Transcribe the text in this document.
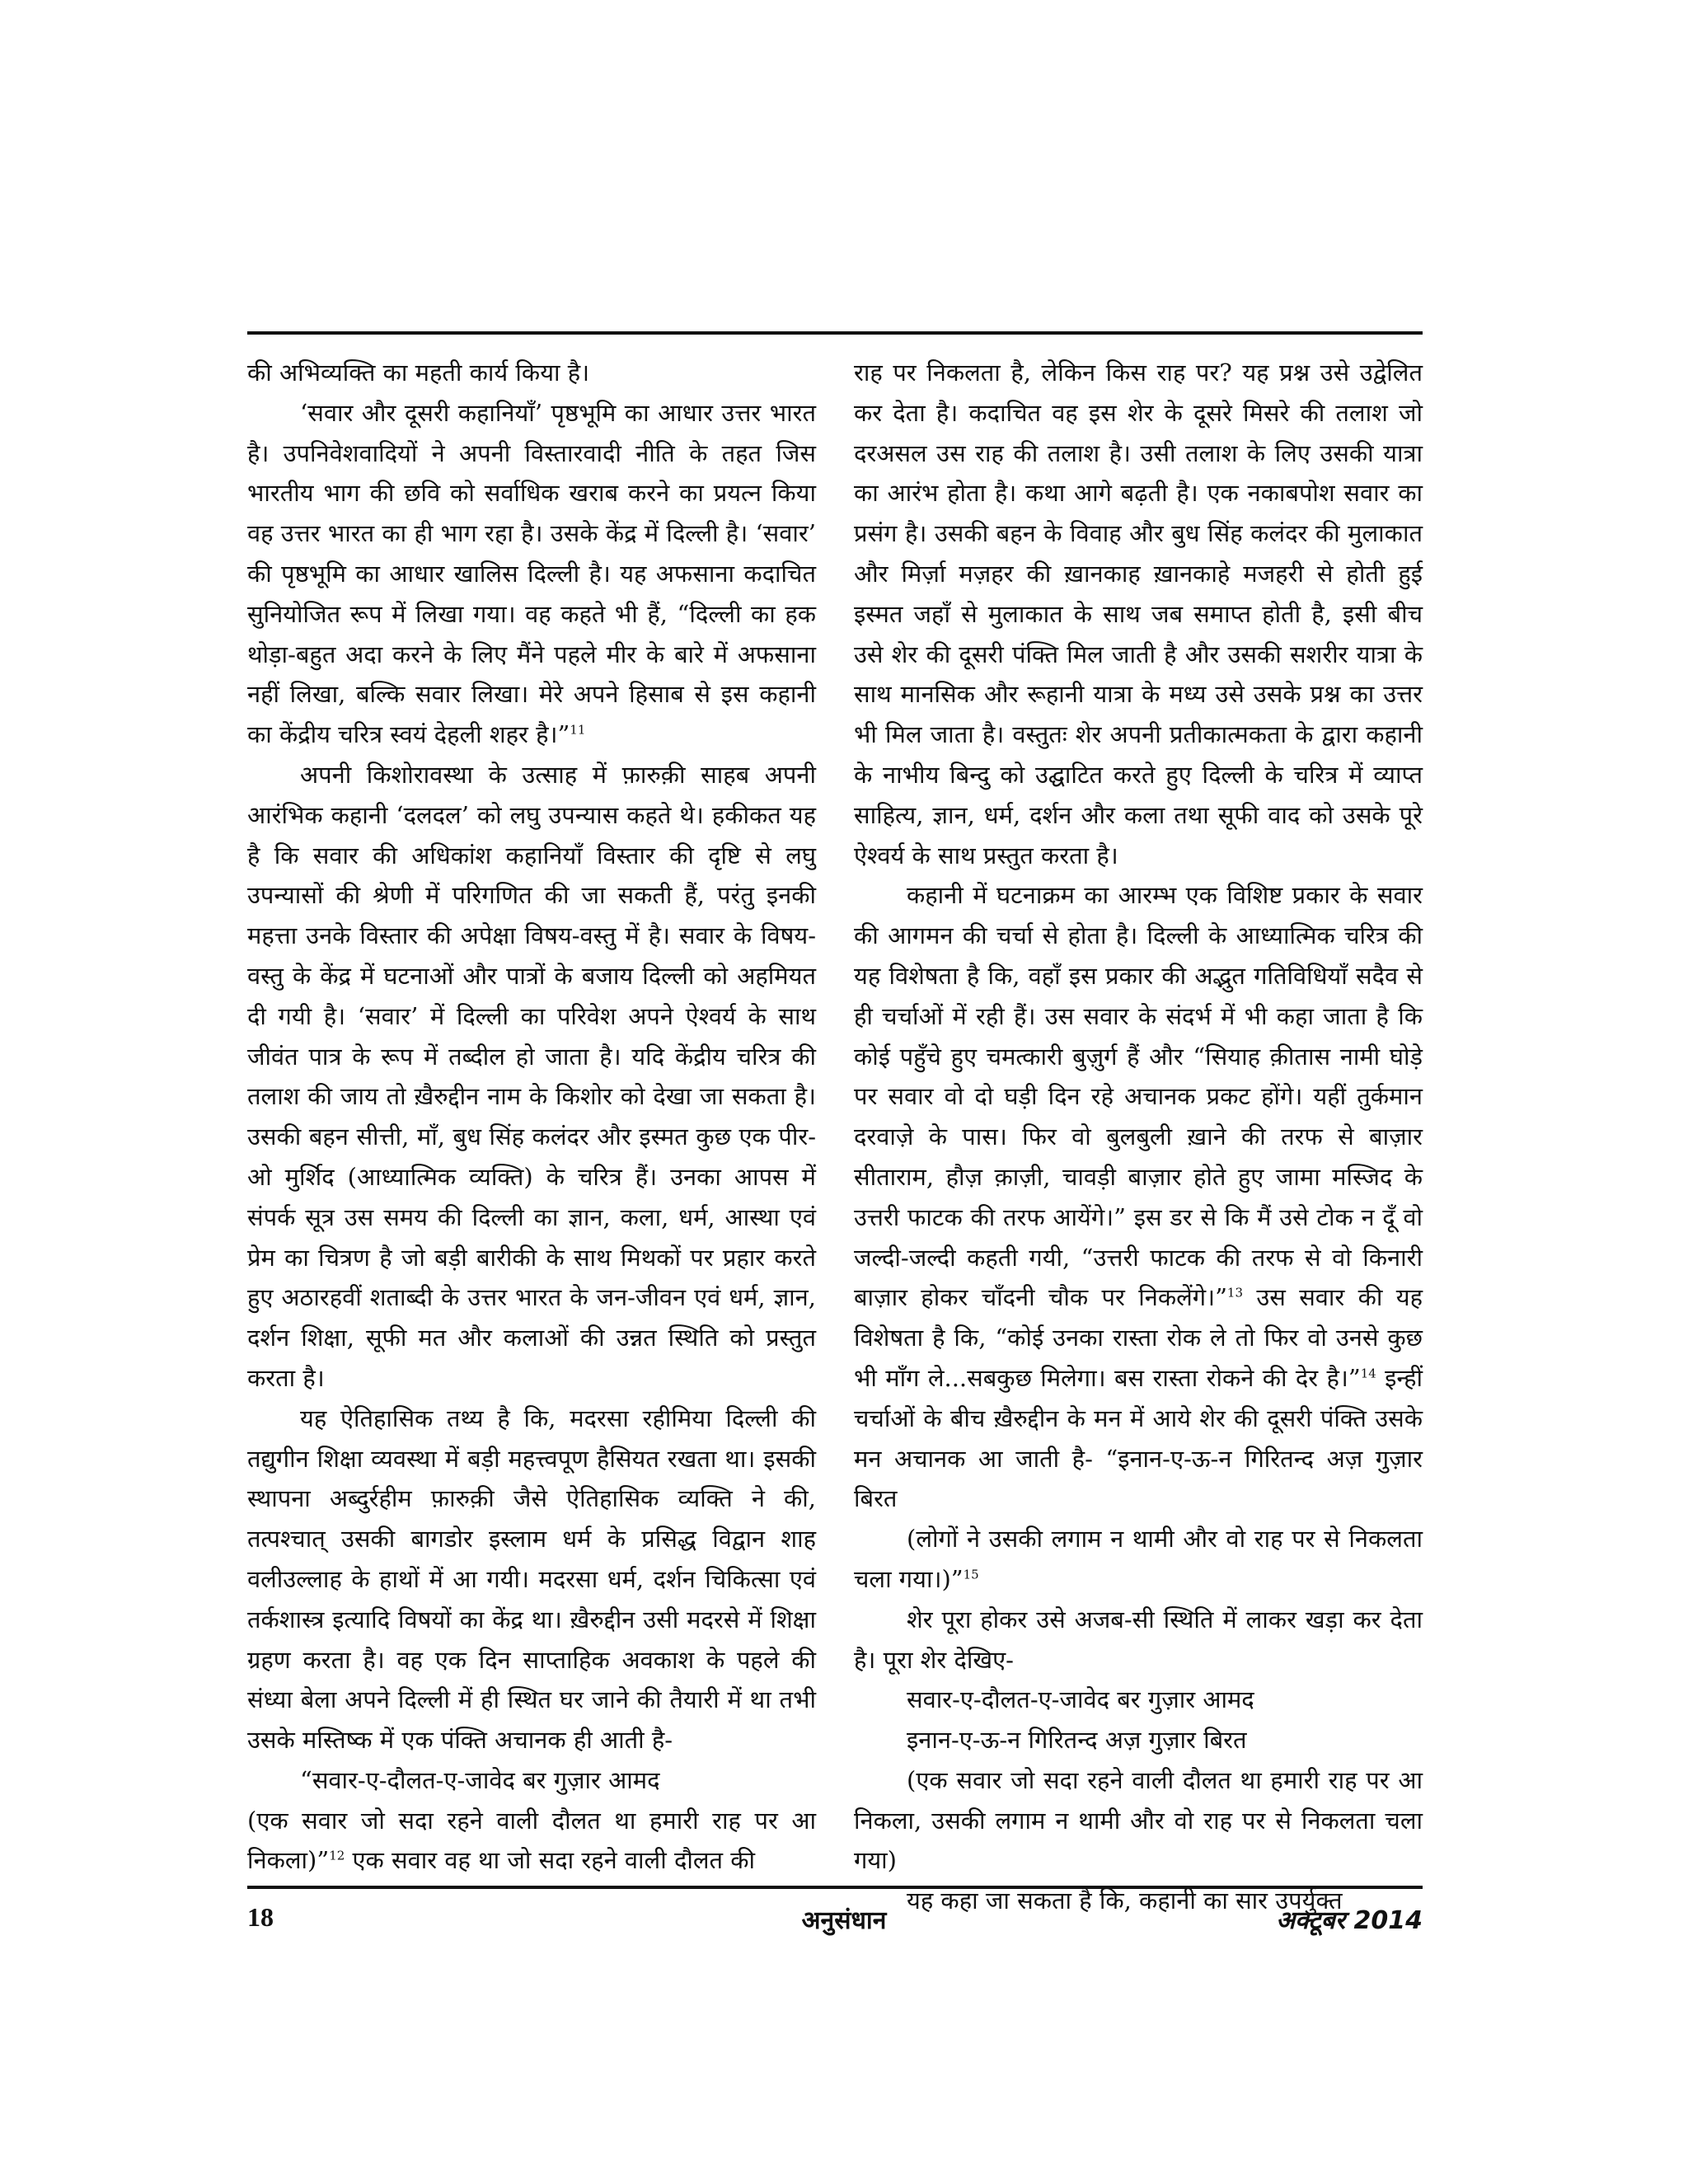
की अभिव्यक्ति का महती कार्य किया है।

‘सवार और दूसरी कहानियाँ’ पृष्ठभूमि का आधार उत्तर भारत है। उपनिवेशवादियों ने अपनी विस्तारवादी नीति के तहत जिस भारतीय भाग की छवि को सर्वाधिक खराब करने का प्रयत्न किया वह उत्तर भारत का ही भाग रहा है। उसके केंद्र में दिल्ली है। ‘सवार’ की पृष्ठभूमि का आधार खालिस दिल्ली है। यह अफसाना कदाचित सुनियोजित रूप में लिखा गया। वह कहते भी हैं, “दिल्ली का हक थोड़ा-बहुत अदा करने के लिए मैंने पहले मीर के बारे में अफसाना नहीं लिखा, बल्कि सवार लिखा। मेरे अपने हिसाब से इस कहानी का केंद्रीय चरित्र स्वयं देहली शहर है।”$^{11}$

अपनी किशोरावस्था के उत्साह में फ़ारुक़ी साहब अपनी आरंभिक कहानी ‘दलदल’ को लघु उपन्यास कहते थे। हकीकत यह है कि सवार की अधिकांश कहानियाँ विस्तार की दृष्टि से लघु उपन्यासों की श्रेणी में परिगणित की जा सकती हैं, परंतु इनकी महत्ता उनके विस्तार की अपेक्षा विषय-वस्तु में है। सवार के विषय-वस्तु के केंद्र में घटनाओं और पात्रों के बजाय दिल्ली को अहमियत दी गयी है। ‘सवार’ में दिल्ली का परिवेश अपने ऐश्वर्य के साथ जीवंत पात्र के रूप में तब्दील हो जाता है। यदि केंद्रीय चरित्र की तलाश की जाय तो ख़ैरुद्दीन नाम के किशोर को देखा जा सकता है। उसकी बहन सीत्ती, माँ, बुध सिंह कलंदर और इस्मत कुछ एक पीर-ओ मुर्शिद (आध्यात्मिक व्यक्ति) के चरित्र हैं। उनका आपस में संपर्क सूत्र उस समय की दिल्ली का ज्ञान, कला, धर्म, आस्था एवं प्रेम का चित्रण है जो बड़ी बारीकी के साथ मिथकों पर प्रहार करते हुए अठारहवीं शताब्दी के उत्तर भारत के जन-जीवन एवं धर्म, ज्ञान, दर्शन शिक्षा, सूफी मत और कलाओं की उन्नत स्थिति को प्रस्तुत करता है।

यह ऐतिहासिक तथ्य है कि, मदरसा रहीमिया दिल्ली की तद्युगीन शिक्षा व्यवस्था में बड़ी महत्त्वपूण हैसियत रखता था। इसकी स्थापना अब्दुर्रहीम फ़ारुक़ी जैसे ऐतिहासिक व्यक्ति ने की, तत्पश्चात् उसकी बागडोर इस्लाम धर्म के प्रसिद्ध विद्वान शाह वलीउल्लाह के हाथों में आ गयी। मदरसा धर्म, दर्शन चिकित्सा एवं तर्कशास्त्र इत्यादि विषयों का केंद्र था। ख़ैरुद्दीन उसी मदरसे में शिक्षा ग्रहण करता है। वह एक दिन साप्ताहिक अवकाश के पहले की संध्या बेला अपने दिल्ली में ही स्थित घर जाने की तैयारी में था तभी उसके मस्तिष्क में एक पंक्ति अचानक ही आती है-

“सवार-ए-दौलत-ए-जावेद बर गुज़ार आमद

(एक सवार जो सदा रहने वाली दौलत था हमारी राह पर आ निकला)”$^{12}$ एक सवार वह था जो सदा रहने वाली दौलत की

राह पर निकलता है, लेकिन किस राह पर? यह प्रश्न उसे उद्वेलित कर देता है। कदाचित वह इस शेर के दूसरे मिसरे की तलाश जो दरअसल उस राह की तलाश है। उसी तलाश के लिए उसकी यात्रा का आरंभ होता है। कथा आगे बढ़ती है। एक नकाबपोश सवार का प्रसंग है। उसकी बहन के विवाह और बुध सिंह कलंदर की मुलाकात और मिर्ज़ा मज़हर की ख़ानकाह ख़ानकाहे मजहरी से होती हुई इस्मत जहाँ से मुलाकात के साथ जब समाप्त होती है, इसी बीच उसे शेर की दूसरी पंक्ति मिल जाती है और उसकी सशरीर यात्रा के साथ मानसिक और रूहानी यात्रा के मध्य उसे उसके प्रश्न का उत्तर भी मिल जाता है। वस्तुतः शेर अपनी प्रतीकात्मकता के द्वारा कहानी के नाभीय बिन्दु को उद्घाटित करते हुए दिल्ली के चरित्र में व्याप्त साहित्य, ज्ञान, धर्म, दर्शन और कला तथा सूफी वाद को उसके पूरे ऐश्वर्य के साथ प्रस्तुत करता है।

कहानी में घटनाक्रम का आरम्भ एक विशिष्ट प्रकार के सवार की आगमन की चर्चा से होता है। दिल्ली के आध्यात्मिक चरित्र की यह विशेषता है कि, वहाँ इस प्रकार की अद्भुत गतिविधियाँ सदैव से ही चर्चाओं में रही हैं। उस सवार के संदर्भ में भी कहा जाता है कि कोई पहुँचे हुए चमत्कारी बुज़ुर्ग हैं और “सियाह क़ीतास नामी घोड़े पर सवार वो दो घड़ी दिन रहे अचानक प्रकट होंगे। यहीं तुर्कमान दरवाज़े के पास। फिर वो बुलबुली ख़ाने की तरफ से बाज़ार सीताराम, हौज़ क़ाज़ी, चावड़ी बाज़ार होते हुए जामा मस्जिद के उत्तरी फाटक की तरफ आयेंगे।” इस डर से कि मैं उसे टोक न दूँ वो जल्दी-जल्दी कहती गयी, “उत्तरी फाटक की तरफ से वो किनारी बाज़ार होकर चाँदनी चौक पर निकलेंगे।”$^{13}$ उस सवार की यह विशेषता है कि, “कोई उनका रास्ता रोक ले तो फिर वो उनसे कुछ भी माँग ले...सबकुछ मिलेगा। बस रास्ता रोकने की देर है।”$^{14}$ इन्हीं चर्चाओं के बीच ख़ैरुद्दीन के मन में आये शेर की दूसरी पंक्ति उसके मन अचानक आ जाती है- “इनान-ए-ऊ-न गिरितन्द अज़ गुज़ार बिरत

(लोगों ने उसकी लगाम न थामी और वो राह पर से निकलता चला गया।)”$^{15}$

शेर पूरा होकर उसे अजब-सी स्थिति में लाकर खड़ा कर देता है। पूरा शेर देखिए-

सवार-ए-दौलत-ए-जावेद बर गुज़ार आमद

इनान-ए-ऊ-न गिरितन्द अज़ गुज़ार बिरत

(एक सवार जो सदा रहने वाली दौलत था हमारी राह पर आ निकला, उसकी लगाम न थामी और वो राह पर से निकलता चला गया)

यह कहा जा सकता है कि, कहानी का सार उपर्युक्त

18	अनुसंधान	अक्टूबर 2014
